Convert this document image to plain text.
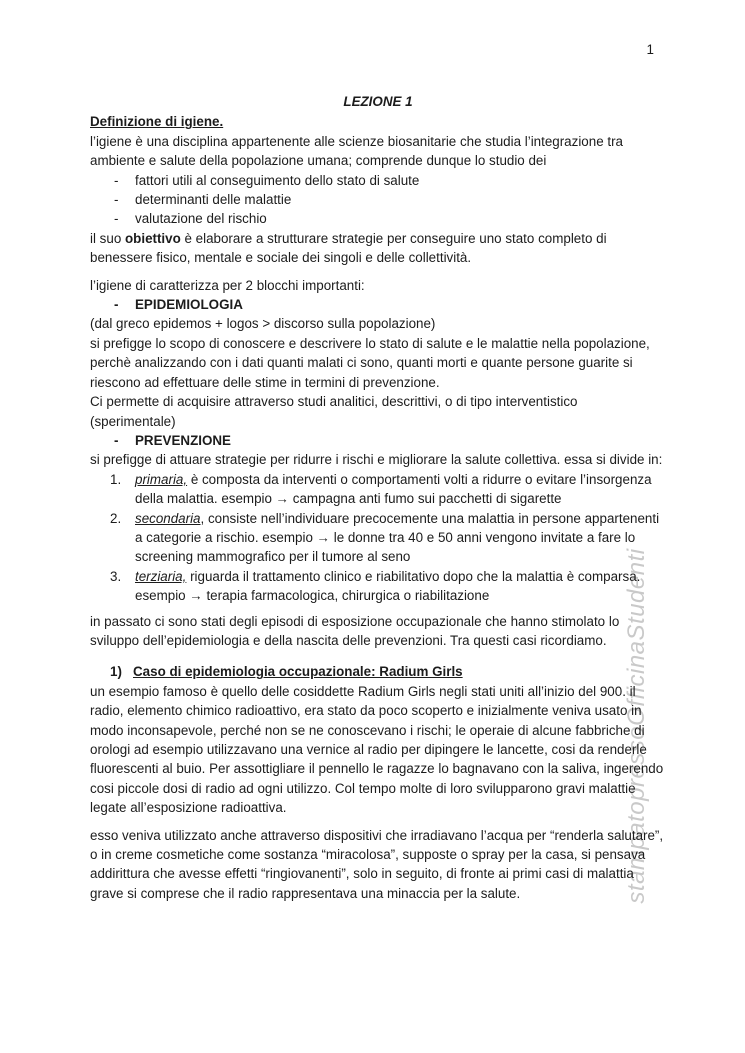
stampatopressoOfficinaStudenti
1

LEZIONE 1

Definizione di igiene.

l’igiene è una disciplina appartenente alle scienze biosanitarie che studia l’integrazione tra ambiente e salute della popolazione umana; comprende dunque lo studio dei

-	fattori utili al conseguimento dello stato di salute
-	determinanti delle malattie
-	valutazione del rischio

il suo obiettivo è elaborare a strutturare strategie per conseguire uno stato completo di benessere fisico, mentale e sociale dei singoli e delle collettività.

l’igiene di caratterizza per 2 blocchi importanti:

-	EPIDEMIOLOGIA

(dal greco epidemos + logos > discorso sulla popolazione)

si prefigge lo scopo di conoscere e descrivere lo stato di salute e le malattie nella popolazione, perchè analizzando con i dati quanti malati ci sono, quanti morti e quante persone guarite si riescono ad effettuare delle stime in termini di prevenzione.

Ci permette di acquisire attraverso studi analitici, descrittivi, o di tipo interventistico (sperimentale)

-	PREVENZIONE

si prefigge di attuare strategie per ridurre i rischi e migliorare la salute collettiva. essa si divide in:

1.	primaria, è composta da interventi o comportamenti volti a ridurre o evitare l’insorgenza della malattia. esempio → campagna anti fumo sui pacchetti di sigarette
2.	secondaria, consiste nell’individuare precocemente una malattia in persone appartenenti a categorie a rischio. esempio → le donne tra 40 e 50 anni vengono invitate a fare lo screening mammografico per il tumore al seno
3.	terziaria, riguarda il trattamento clinico e riabilitativo dopo che la malattia è comparsa. esempio → terapia farmacologica, chirurgica o riabilitazione

in passato ci sono stati degli episodi di esposizione occupazionale che hanno stimolato lo sviluppo dell’epidemiologia e della nascita delle prevenzioni. Tra questi casi ricordiamo.

1) Caso di epidemiologia occupazionale: Radium Girls

un esempio famoso è quello delle cosiddette Radium Girls negli stati uniti all’inizio del 900. il radio, elemento chimico radioattivo, era stato da poco scoperto e inizialmente veniva usato in modo inconsapevole, perché non se ne conoscevano i rischi; le operaie di alcune fabbriche di orologi ad esempio utilizzavano una vernice al radio per dipingere le lancette, cosi da renderle fluorescenti al buio. Per assottigliare il pennello le ragazze lo bagnavano con la saliva, ingerendo cosi piccole dosi di radio ad ogni utilizzo. Col tempo molte di loro svilupparono gravi malattie legate all’esposizione radioattiva.

esso veniva utilizzato anche attraverso dispositivi che irradiavano l’acqua per “renderla salutare”, o in creme cosmetiche come sostanza “miracolosa”, supposte o spray per la casa, si pensava addirittura che avesse effetti “ringiovanenti”, solo in seguito, di fronte ai primi casi di malattia grave si comprese che il radio rappresentava una minaccia per la salute.
